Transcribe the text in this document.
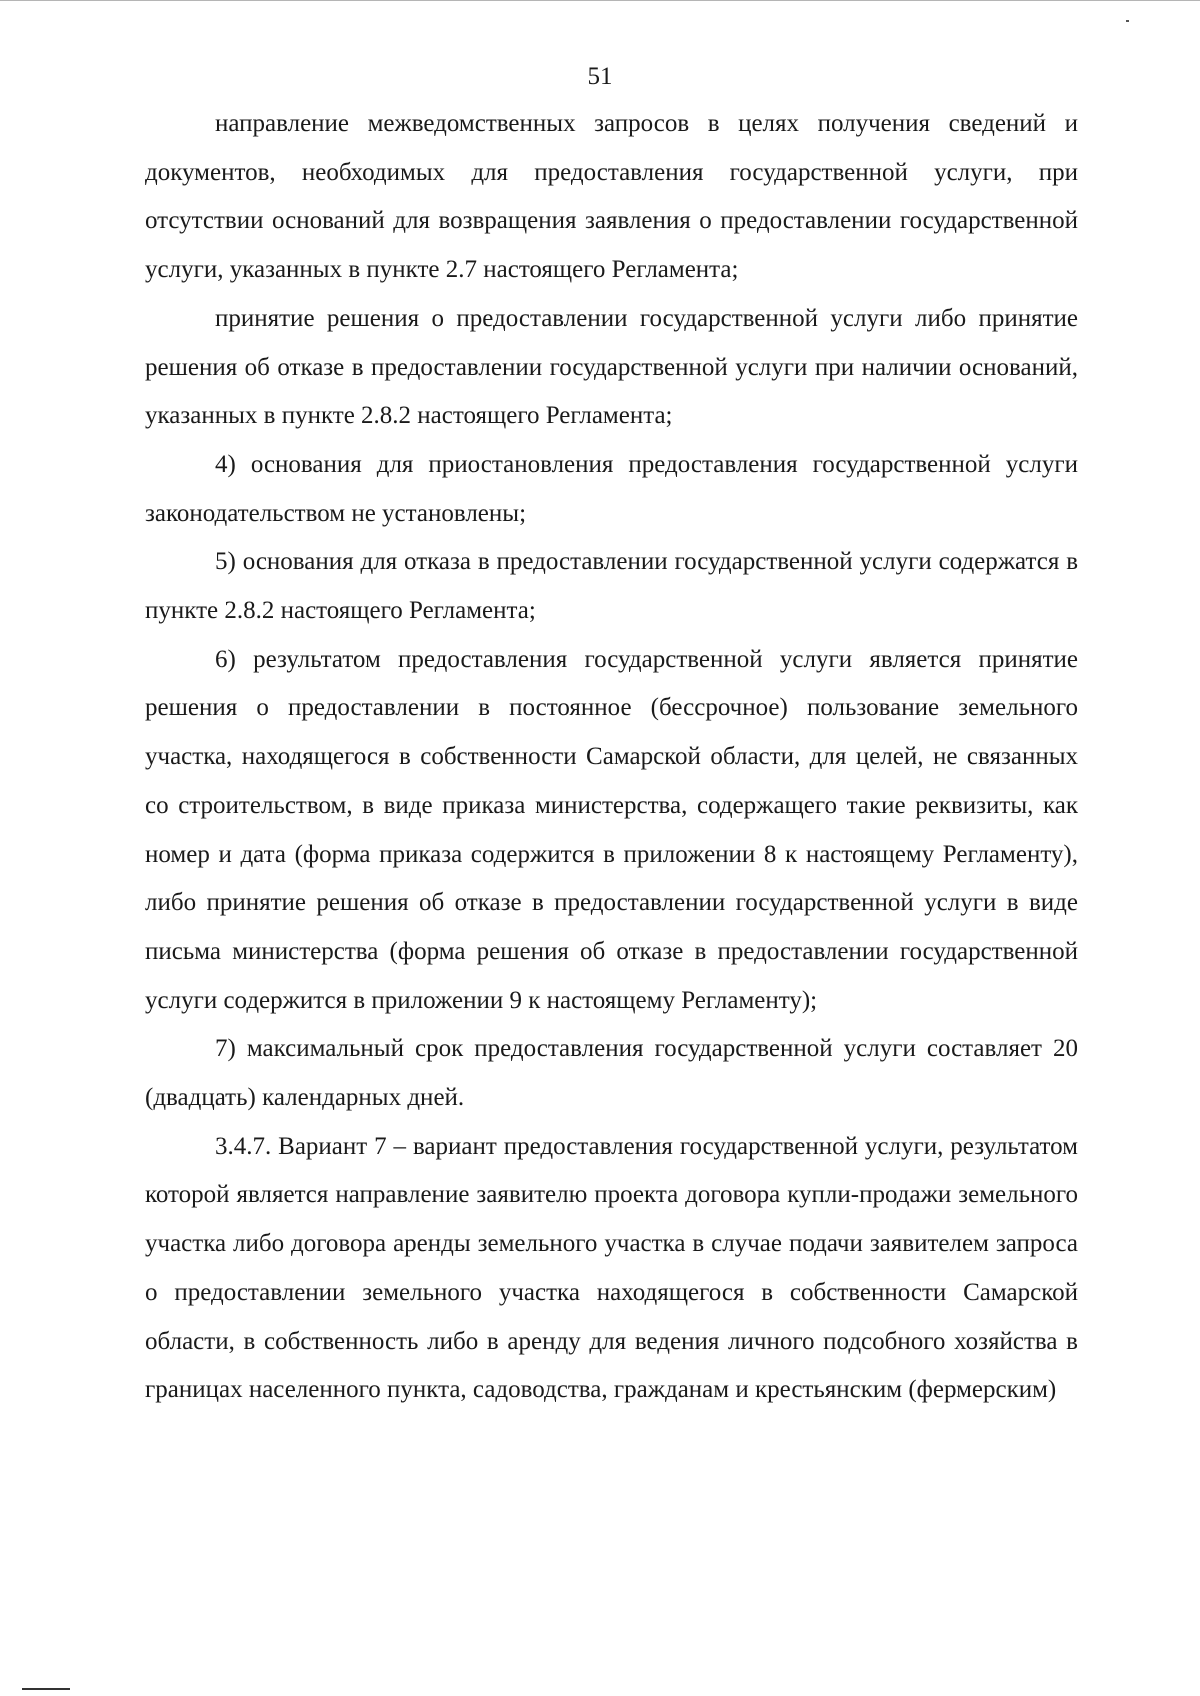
51

направление межведомственных запросов в целях получения сведений и документов, необходимых для предоставления государственной услуги, при отсутствии оснований для возвращения заявления о предоставлении государственной услуги, указанных в пункте 2.7 настоящего Регламента;

принятие решения о предоставлении государственной услуги либо принятие решения об отказе в предоставлении государственной услуги при наличии оснований, указанных в пункте 2.8.2 настоящего Регламента;

4) основания для приостановления предоставления государственной услуги законодательством не установлены;

5) основания для отказа в предоставлении государственной услуги содержатся в пункте 2.8.2 настоящего Регламента;

6) результатом предоставления государственной услуги является принятие решения о предоставлении в постоянное (бессрочное) пользование земельного участка, находящегося в собственности Самарской области, для целей, не связанных со строительством, в виде приказа министерства, содержащего такие реквизиты, как номер и дата (форма приказа содержится в приложении 8 к настоящему Регламенту), либо принятие решения об отказе в предоставлении государственной услуги в виде письма министерства (форма решения об отказе в предоставлении государственной услуги содержится в приложении 9 к настоящему Регламенту);

7) максимальный срок предоставления государственной услуги составляет 20 (двадцать) календарных дней.

3.4.7. Вариант 7 – вариант предоставления государственной услуги, результатом которой является направление заявителю проекта договора купли-продажи земельного участка либо договора аренды земельного участка в случае подачи заявителем запроса о предоставлении земельного участка находящегося в собственности Самарской области, в собственность либо в аренду для ведения личного подсобного хозяйства в границах населенного пункта, садоводства, гражданам и крестьянским (фермерским)
